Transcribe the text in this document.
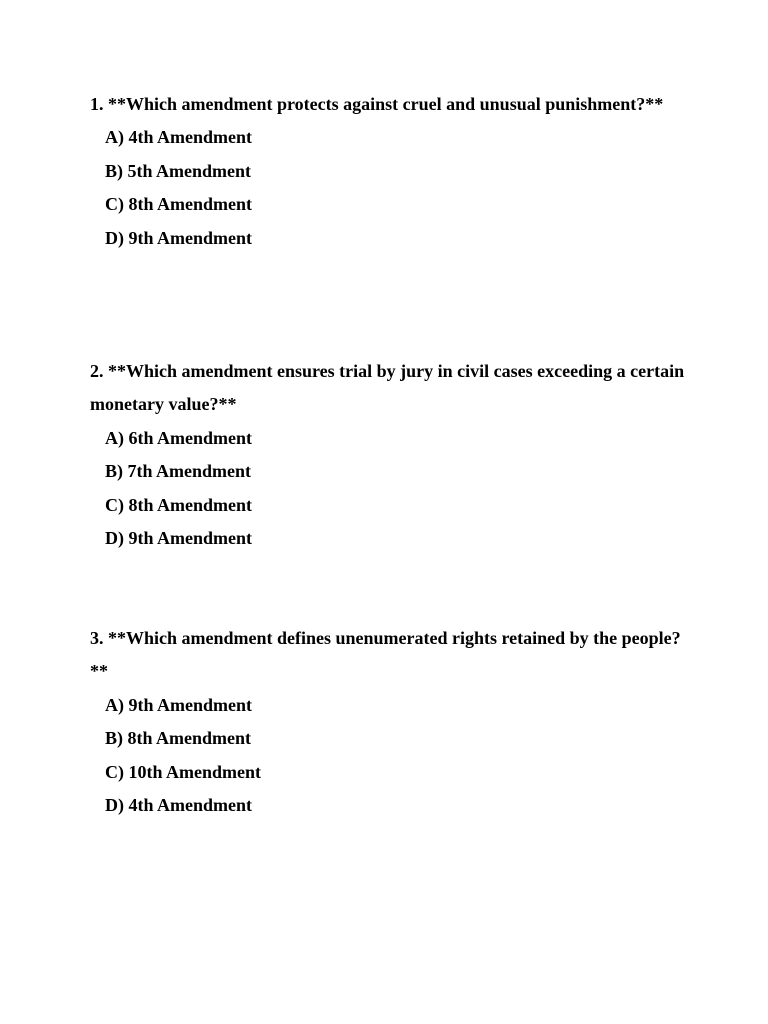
1. **Which amendment protects against cruel and unusual punishment?**

A) 4th Amendment
B) 5th Amendment
C) 8th Amendment
D) 9th Amendment

2. **Which amendment ensures trial by jury in civil cases exceeding a certain monetary value?**

A) 6th Amendment
B) 7th Amendment
C) 8th Amendment
D) 9th Amendment

3. **Which amendment defines unenumerated rights retained by the people?**

A) 9th Amendment
B) 8th Amendment
C) 10th Amendment
D) 4th Amendment
